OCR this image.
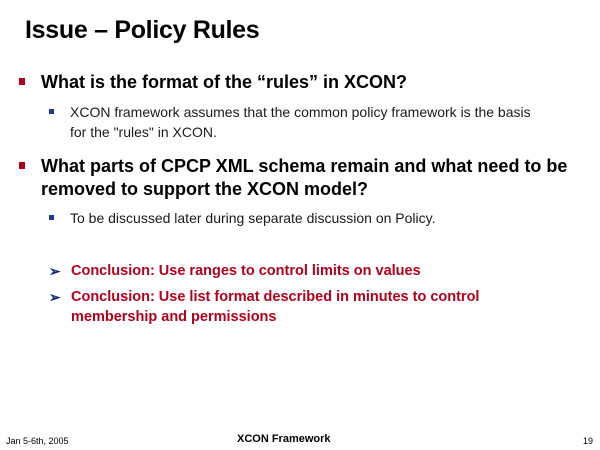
Issue – Policy Rules
What is the format of the “rules” in XCON?
XCON framework assumes that the common policy framework is the basis for the "rules" in XCON.
What parts of CPCP XML schema remain and what need to be removed to support the XCON model?
To be discussed later during separate discussion on Policy.
➢ Conclusion: Use ranges to control limits on values
➢ Conclusion: Use list format described in minutes to control membership and permissions
Jan 5-6th, 2005	XCON Framework	19
